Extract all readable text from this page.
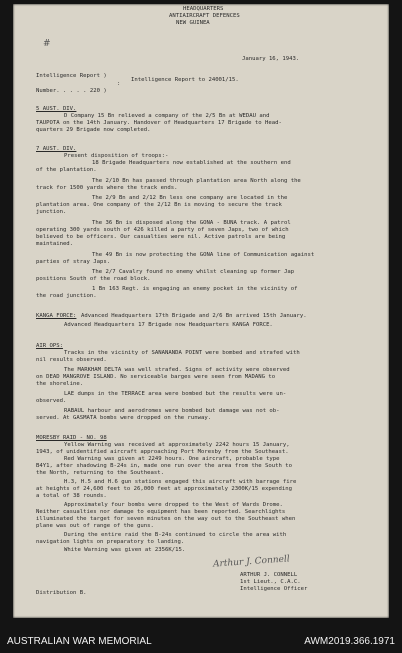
HEADQUARTERS
ANTIAIRCRAFT DEFENCES
NEW GUINEA
#
January 16, 1943.
Intelligence Report )
Intelligence Report to 24001/15.
:
Number. . . . . 220 )
5 AUST. DIV.
D Company 15 Bn relieved a company of the 2/5 Bn at WEDAU and
TAUPOTA on the 14th January. Handover of Headquarters 17 Brigade to Head-
quarters 29 Brigade now completed.
7 AUST. DIV.
Present disposition of troops:-
18 Brigade Headquarters now established at the southern end
of the plantation.
The 2/10 Bn has passed through plantation area North along the
track for 1500 yards where the track ends.
The 2/9 Bn and 2/12 Bn less one company are located in the
plantation area. One company of the 2/12 Bn is moving to secure the track
junction.
The 36 Bn is disposed along the GONA - BUNA track. A patrol
operating 300 yards south of 426 killed a party of seven Japs, two of which
believed to be officers. Our casualties were nil. Active patrols are being
maintained.
The 49 Bn is now protecting the GONA line of Communication against
parties of stray Japs.
The 2/7 Cavalry found no enemy whilst cleaning up former Jap
positions South of the road block.
1 Bn 163 Regt. is engaging an enemy pocket in the vicinity of
the road junction.
KANGA FORCE: Advanced Headquarters 17th Brigade and 2/6 Bn arrived 15th January.
Advanced Headquarters 17 Brigade now Headquarters KANGA FORCE.
AIR OPS:
Tracks in the vicinity of SANANANDA POINT were bombed and strafed with
nil results observed.
The MARKHAM DELTA was well strafed. Signs of activity were observed
on DEAD MANGROVE ISLAND. No serviceable barges were seen from MADANG to
the shoreline.
LAE dumps in the TERRACE area were bombed but the results were un-
observed.
RABAUL harbour and aerodromes were bombed but damage was not ob-
served. At GASMATA bombs were dropped on the runway.
MORESBY RAID - NO. 98
Yellow Warning was received at approximately 2242 hours 15 January,
1943, of unidentified aircraft approaching Port Moresby from the Southeast.
Red Warning was given at 2249 hours. One aircraft, probable type
B4Y1, after shadowing B-24s in, made one run over the area from the South to
the North, returning to the Southeast.
H.3, H.5 and H.6 gun stations engaged this aircraft with barrage fire
at heights of 24,600 feet to 26,000 feet at approximately 2300K/15 expending
a total of 38 rounds.
Approximately four bombs were dropped to the West of Wards Drome.
Neither casualties nor damage to equipment has been reported. Searchlights
illuminated the target for seven minutes on the way out to the Southeast when
plane was out of range of the guns.
During the entire raid the B-24s continued to circle the area with
navigation lights on preparatory to landing.
White Warning was given at 2356K/15.
Arthur J. Connell
ARTHUR J. CONNELL
1st Lieut., C.A.C.
Intelligence Officer
Distribution B.
AUSTRALIAN WAR MEMORIAL	AWM2019.366.1971
